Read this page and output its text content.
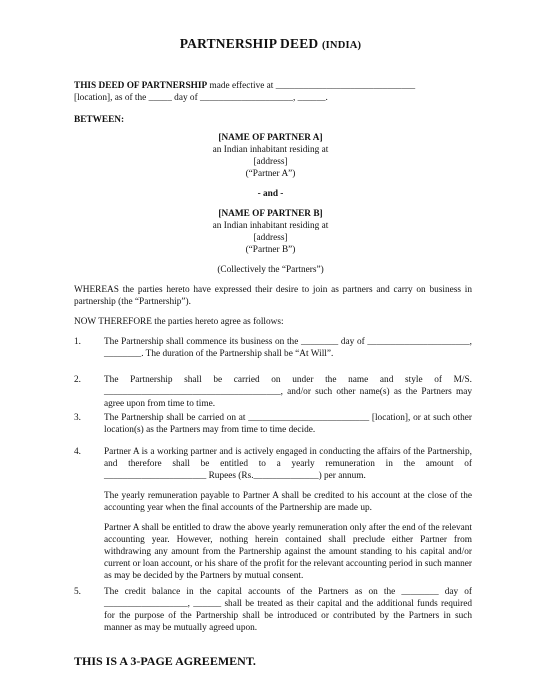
PARTNERSHIP DEED (INDIA)
THIS DEED OF PARTNERSHIP made effective at ______________________________
[location], as of the _____ day of ____________________, ______.
BETWEEN:
[NAME OF PARTNER A]
an Indian inhabitant residing at
[address]
(“Partner A”)
- and -
[NAME OF PARTNER B]
an Indian inhabitant residing at
[address]
(“Partner B”)
(Collectively the “Partners”)
WHEREAS the parties hereto have expressed their desire to join as partners and carry on business in partnership (the “Partnership”).
NOW THEREFORE the parties hereto agree as follows:
1. The Partnership shall commence its business on the ________ day of ______________________, ________. The duration of the Partnership shall be “At Will”.
2. The Partnership shall be carried on under the name and style of M/S. ______________________________________, and/or such other name(s) as the Partners may agree upon from time to time.
3. The Partnership shall be carried on at __________________________ [location], or at such other location(s) as the Partners may from time to time decide.
4. Partner A is a working partner and is actively engaged in conducting the affairs of the Partnership, and therefore shall be entitled to a yearly remuneration in the amount of ______________________ Rupees (Rs.______________) per annum.
The yearly remuneration payable to Partner A shall be credited to his account at the close of the accounting year when the final accounts of the Partnership are made up.
Partner A shall be entitled to draw the above yearly remuneration only after the end of the relevant accounting year. However, nothing herein contained shall preclude either Partner from withdrawing any amount from the Partnership against the amount standing to his capital and/or current or loan account, or his share of the profit for the relevant accounting period in such manner as may be decided by the Partners by mutual consent.
5. The credit balance in the capital accounts of the Partners as on the ________ day of __________________, ______ shall be treated as their capital and the additional funds required for the purpose of the Partnership shall be introduced or contributed by the Partners in such manner as may be mutually agreed upon.
THIS IS A 3-PAGE AGREEMENT.
